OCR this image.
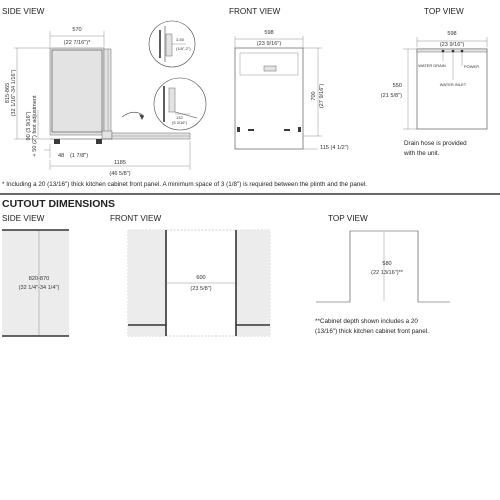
SIDE VIEW
570
(22 7/16")*
815-865 (32 1/16"-34 1/16")
90 (3 9/16") + 50 (2") foot adjustment	48 (1 7/8")
1185
(46 5/8")
3-50
(1/8"-2")
132
(5 3/16")
FRONT VIEW
598
(23 9/16")
700 (27 9/16")
115 (4 1/2")
TOP VIEW
598
(23 9/16")
WATER DRAIN	POWER
WATER INLET
550
(21 5/8")
Drain hose is provided
with the unit.
* Including a 20 (13/16") thick kitchen cabinet front panel. A minimum space of 3 (1/8") is required between the plinth and the panel.
CUTOUT DIMENSIONS
SIDE VIEW
820-870
(32 1/4"-34 1/4")
FRONT VIEW
600
(23 5/8")
TOP VIEW
580
(22 13/16")**
**Cabinet depth shown includes a 20
(13/16") thick kitchen cabinet front panel.
